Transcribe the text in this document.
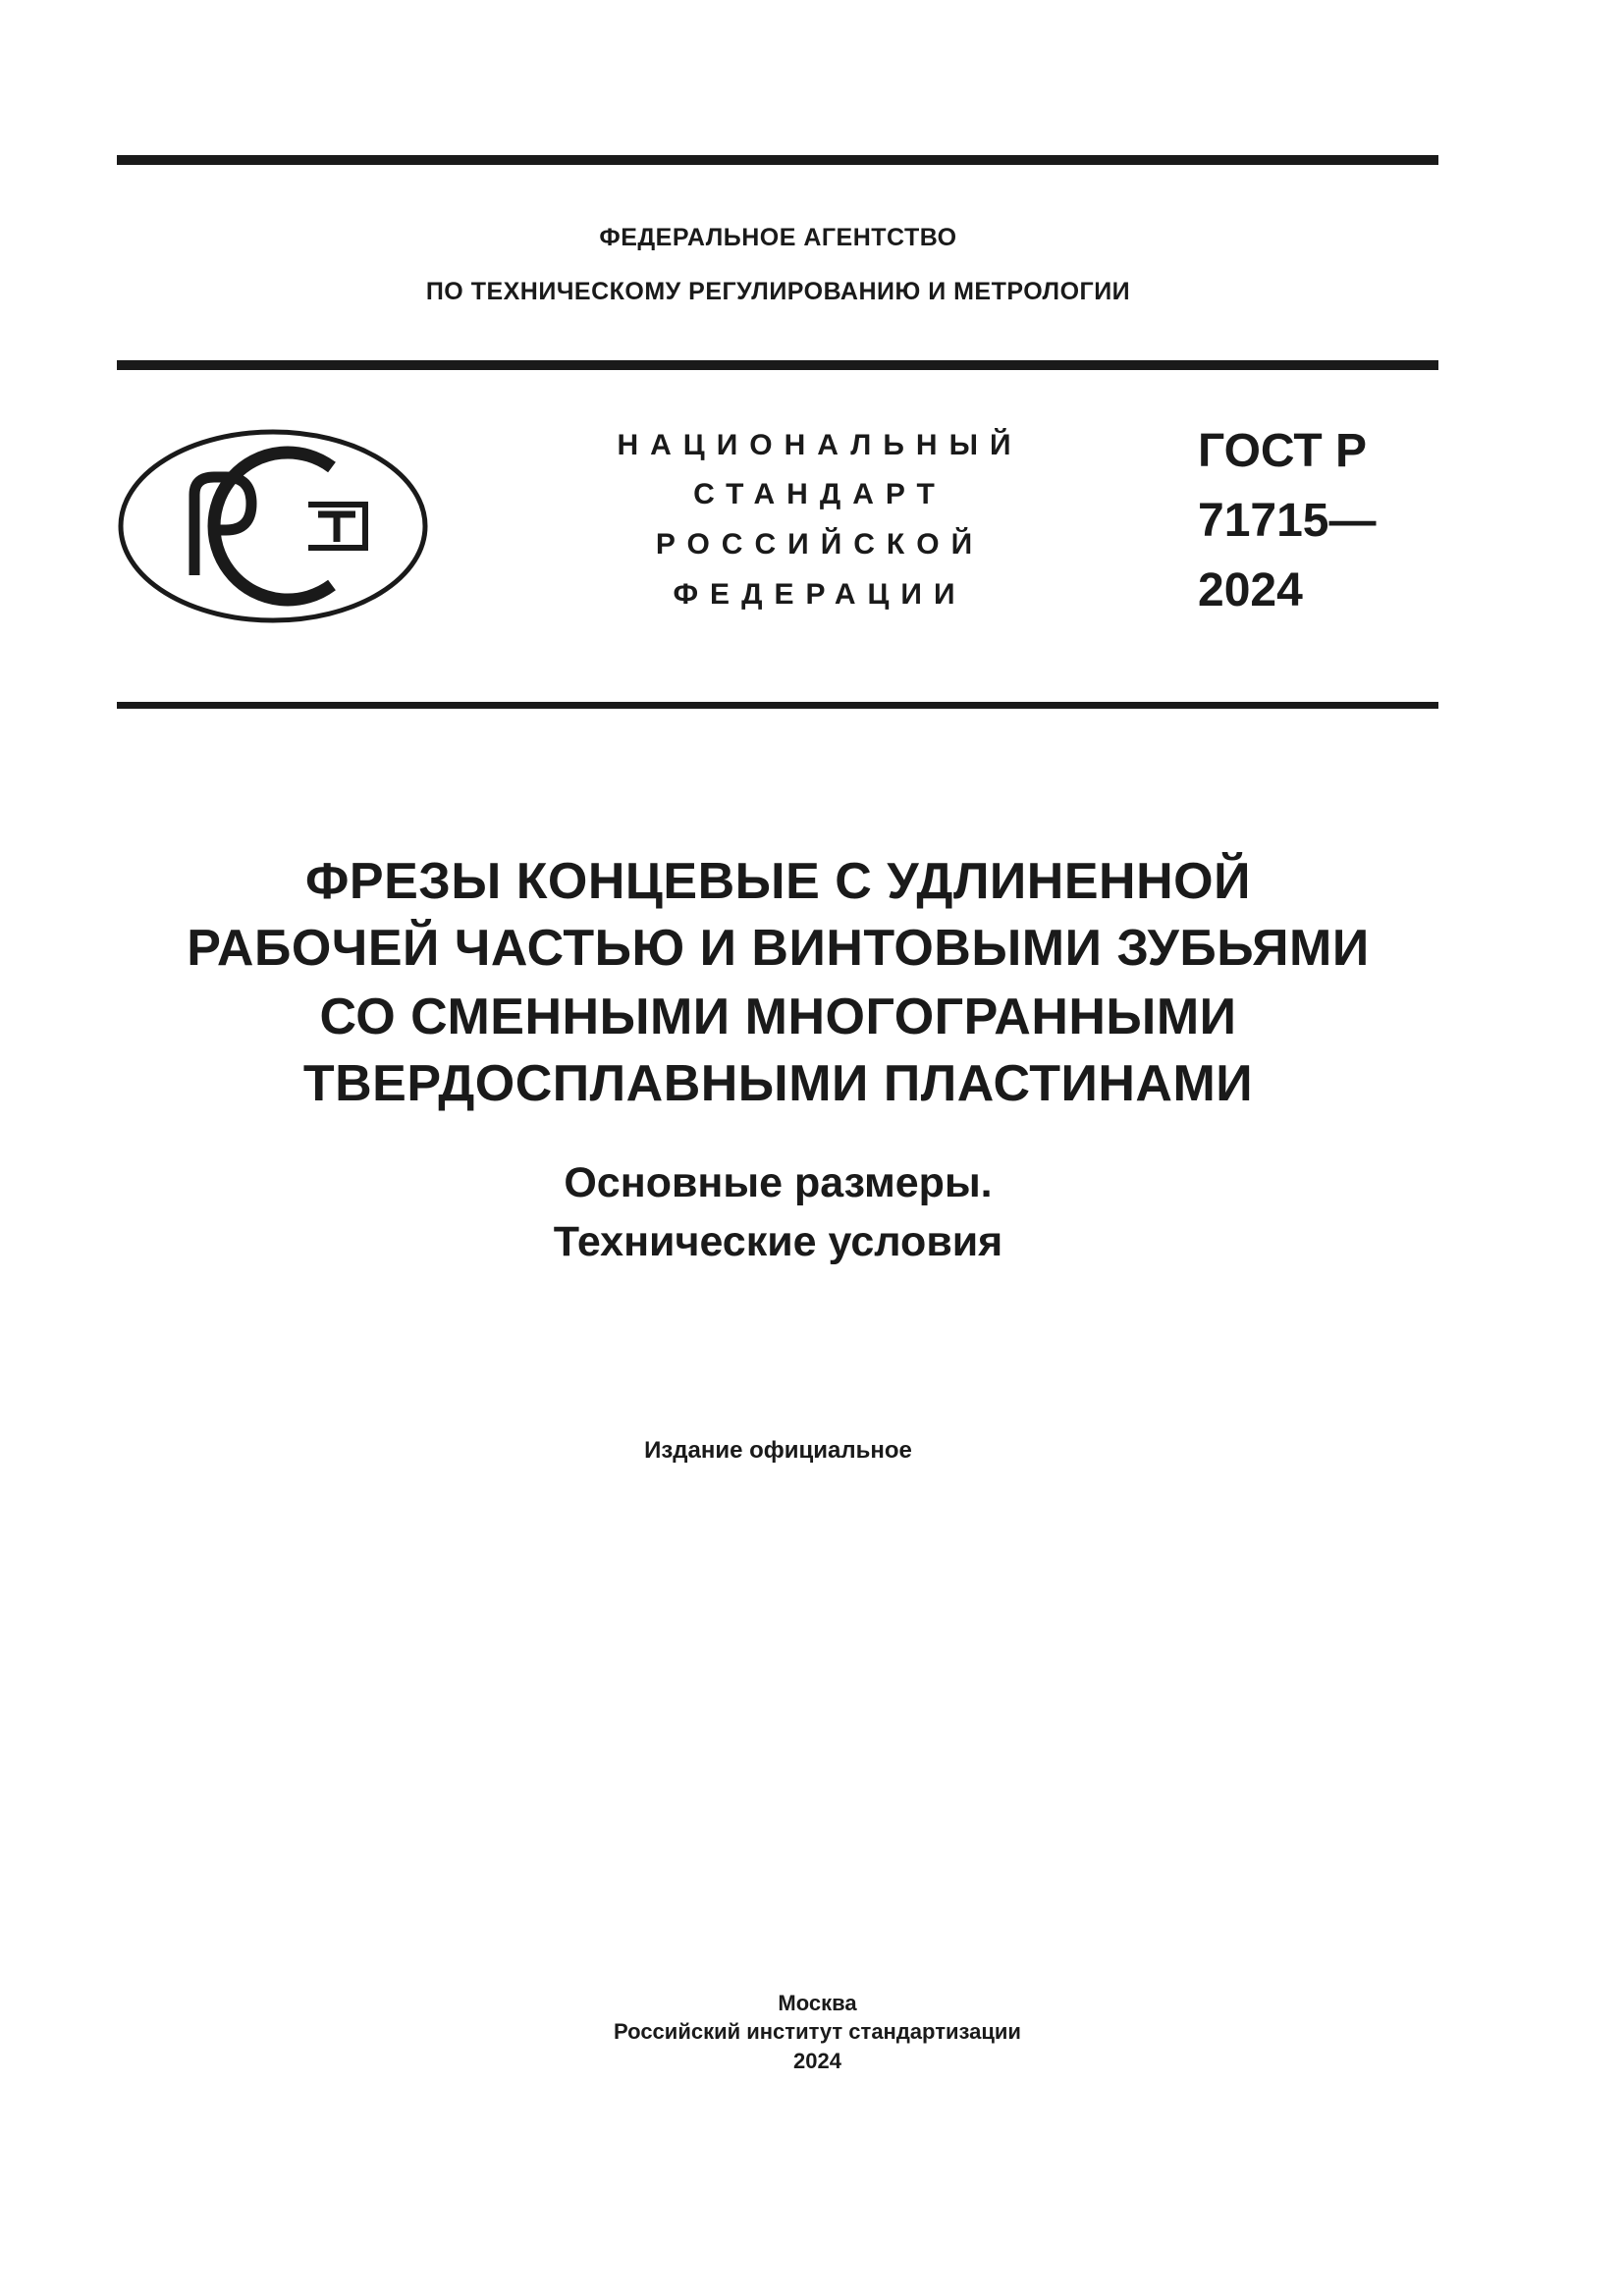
ФЕДЕРАЛЬНОЕ АГЕНТСТВО
ПО ТЕХНИЧЕСКОМУ РЕГУЛИРОВАНИЮ И МЕТРОЛОГИИ
НАЦИОНАЛЬНЫЙ
СТАНДАРТ
РОССИЙСКОЙ
ФЕДЕРАЦИИ
ГОСТ Р
71715—
2024
ФРЕЗЫ КОНЦЕВЫЕ С УДЛИНЕННОЙ
РАБОЧЕЙ ЧАСТЬЮ И ВИНТОВЫМИ ЗУБЬЯМИ
СО СМЕННЫМИ МНОГОГРАННЫМИ
ТВЕРДОСПЛАВНЫМИ ПЛАСТИНАМИ
Основные размеры.
Технические условия
Издание официальное
Москва
Российский институт стандартизации
2024
